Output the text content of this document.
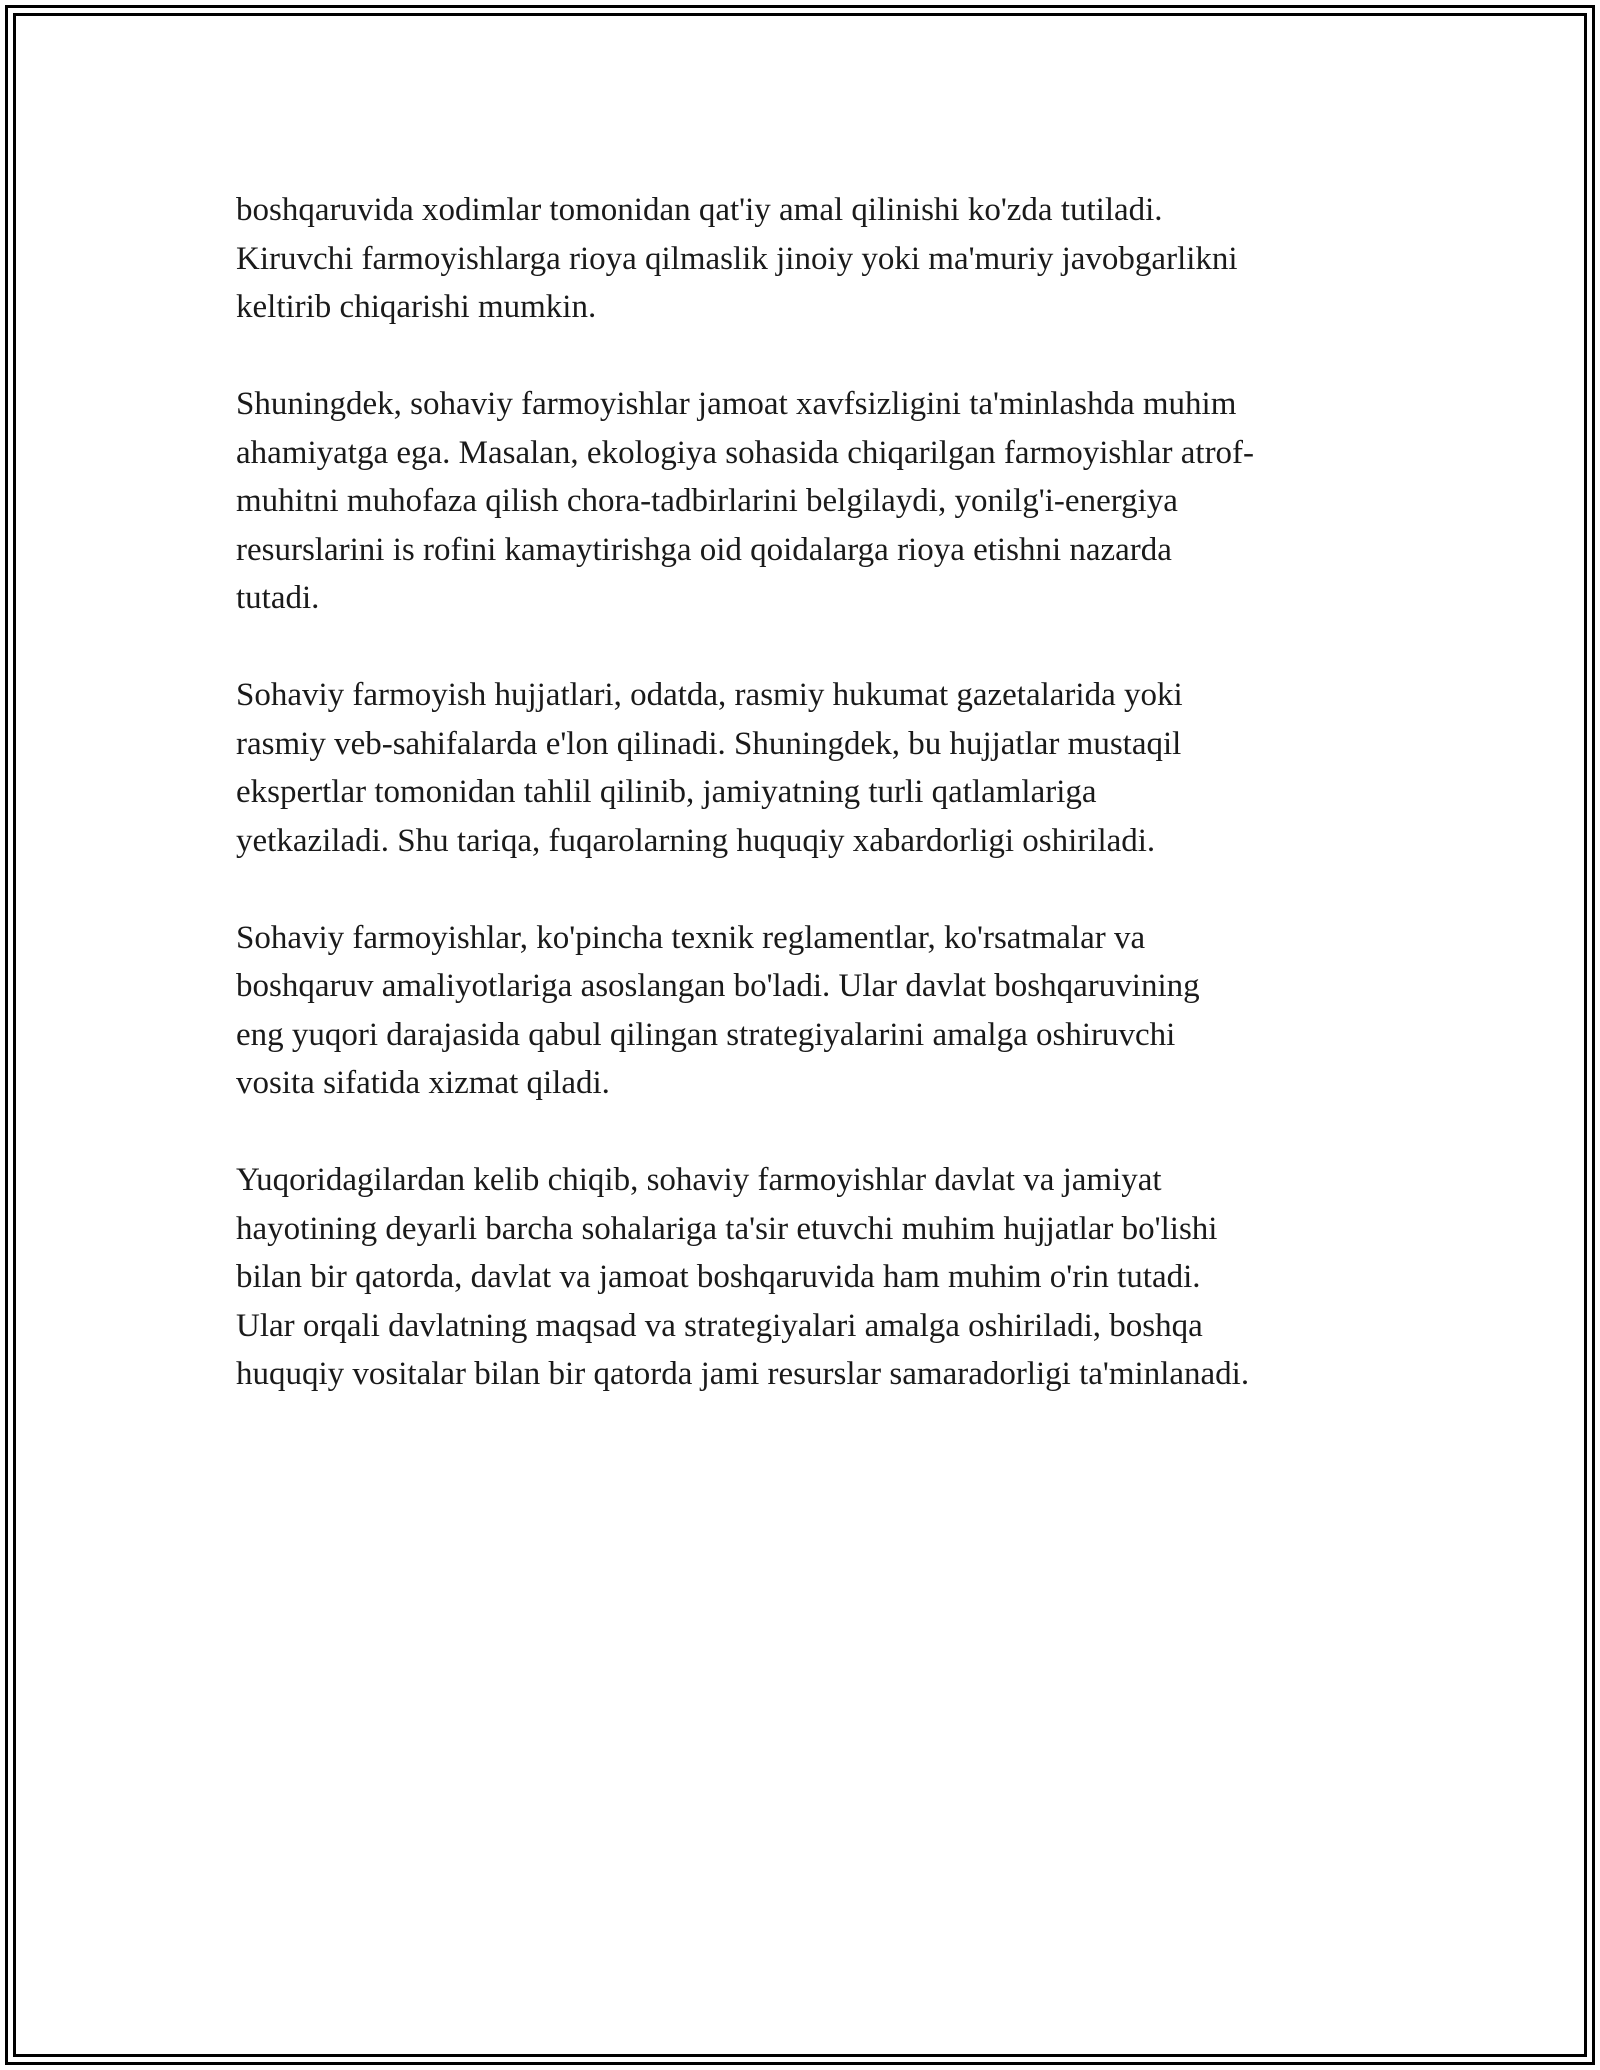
boshqaruvida xodimlar tomonidan qat'iy amal qilinishi ko'zda tutiladi.
Kiruvchi farmoyishlarga rioya qilmaslik jinoiy yoki ma'muriy javobgarlikni
keltirib chiqarishi mumkin.

Shuningdek, sohaviy farmoyishlar jamoat xavfsizligini ta'minlashda muhim
ahamiyatga ega. Masalan, ekologiya sohasida chiqarilgan farmoyishlar atrof-
muhitni muhofaza qilish chora-tadbirlarini belgilaydi, yonilg'i-energiya
resurslarini is rofini kamaytirishga oid qoidalarga rioya etishni nazarda
tutadi.

Sohaviy farmoyish hujjatlari, odatda, rasmiy hukumat gazetalarida yoki
rasmiy veb-sahifalarda e'lon qilinadi. Shuningdek, bu hujjatlar mustaqil
ekspertlar tomonidan tahlil qilinib, jamiyatning turli qatlamlariga
yetkaziladi. Shu tariqa, fuqarolarning huquqiy xabardorligi oshiriladi.

Sohaviy farmoyishlar, ko'pincha texnik reglamentlar, ko'rsatmalar va
boshqaruv amaliyotlariga asoslangan bo'ladi. Ular davlat boshqaruvining
eng yuqori darajasida qabul qilingan strategiyalarini amalga oshiruvchi
vosita sifatida xizmat qiladi.

Yuqoridagilardan kelib chiqib, sohaviy farmoyishlar davlat va jamiyat
hayotining deyarli barcha sohalariga ta'sir etuvchi muhim hujjatlar bo'lishi
bilan bir qatorda, davlat va jamoat boshqaruvida ham muhim o'rin tutadi.
Ular orqali davlatning maqsad va strategiyalari amalga oshiriladi, boshqa
huquqiy vositalar bilan bir qatorda jami resurslar samaradorligi ta'minlanadi.
